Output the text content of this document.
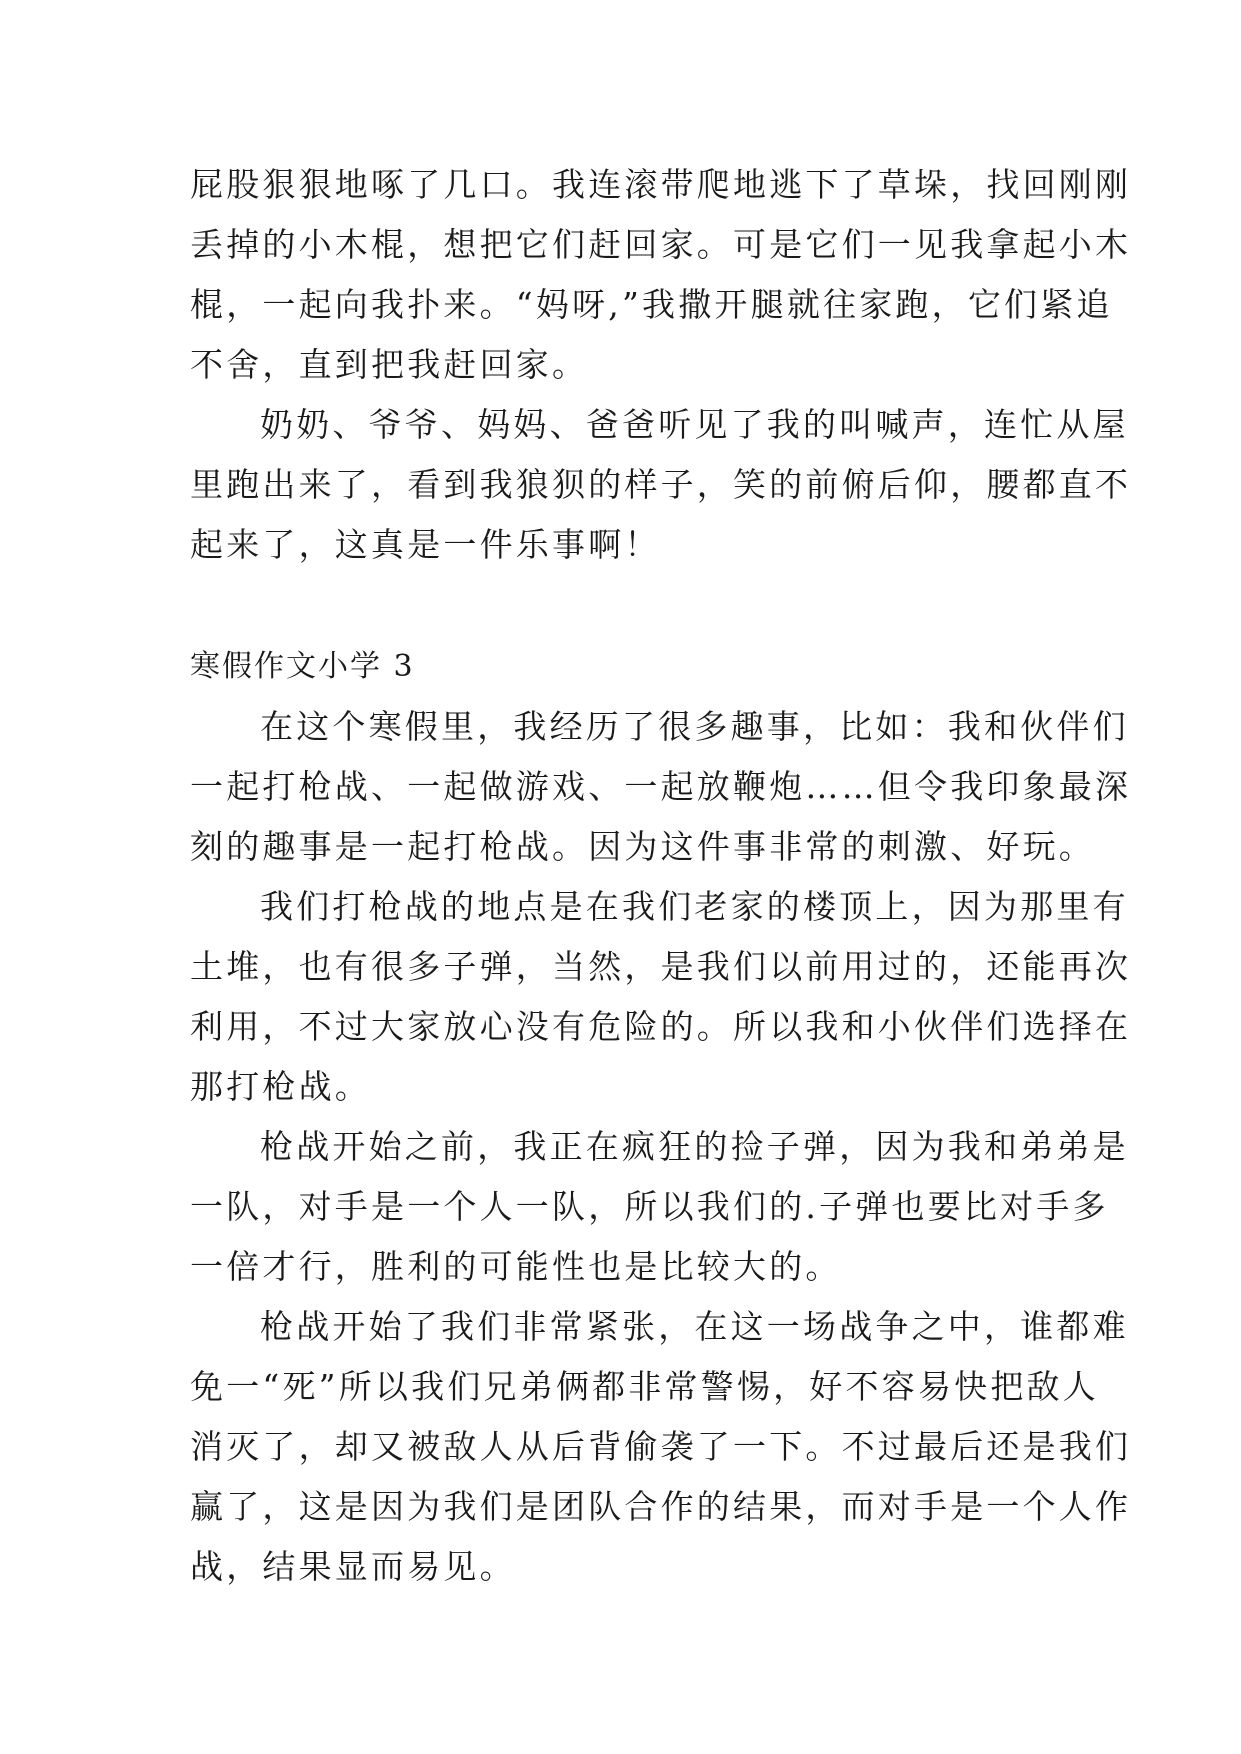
屁股狠狠地啄了几口。我连滚带爬地逃下了草垛，找回刚刚
丢掉的小木棍，想把它们赶回家。可是它们一见我拿起小木
棍，一起向我扑来。“妈呀,”我撒开腿就往家跑，它们紧追
不舍，直到把我赶回家。

奶奶、爷爷、妈妈、爸爸听见了我的叫喊声，连忙从屋
里跑出来了，看到我狼狈的样子，笑的前俯后仰，腰都直不
起来了，这真是一件乐事啊！

寒假作文小学 3

在这个寒假里，我经历了很多趣事，比如：我和伙伴们
一起打枪战、一起做游戏、一起放鞭炮……但令我印象最深
刻的趣事是一起打枪战。因为这件事非常的刺激、好玩。

我们打枪战的地点是在我们老家的楼顶上，因为那里有
土堆，也有很多子弹，当然，是我们以前用过的，还能再次
利用，不过大家放心没有危险的。所以我和小伙伴们选择在
那打枪战。

枪战开始之前，我正在疯狂的捡子弹，因为我和弟弟是
一队，对手是一个人一队，所以我们的.子弹也要比对手多
一倍才行，胜利的可能性也是比较大的。

枪战开始了我们非常紧张，在这一场战争之中，谁都难
免一“死”所以我们兄弟俩都非常警惕，好不容易快把敌人
消灭了，却又被敌人从后背偷袭了一下。不过最后还是我们
赢了，这是因为我们是团队合作的结果，而对手是一个人作
战，结果显而易见。
